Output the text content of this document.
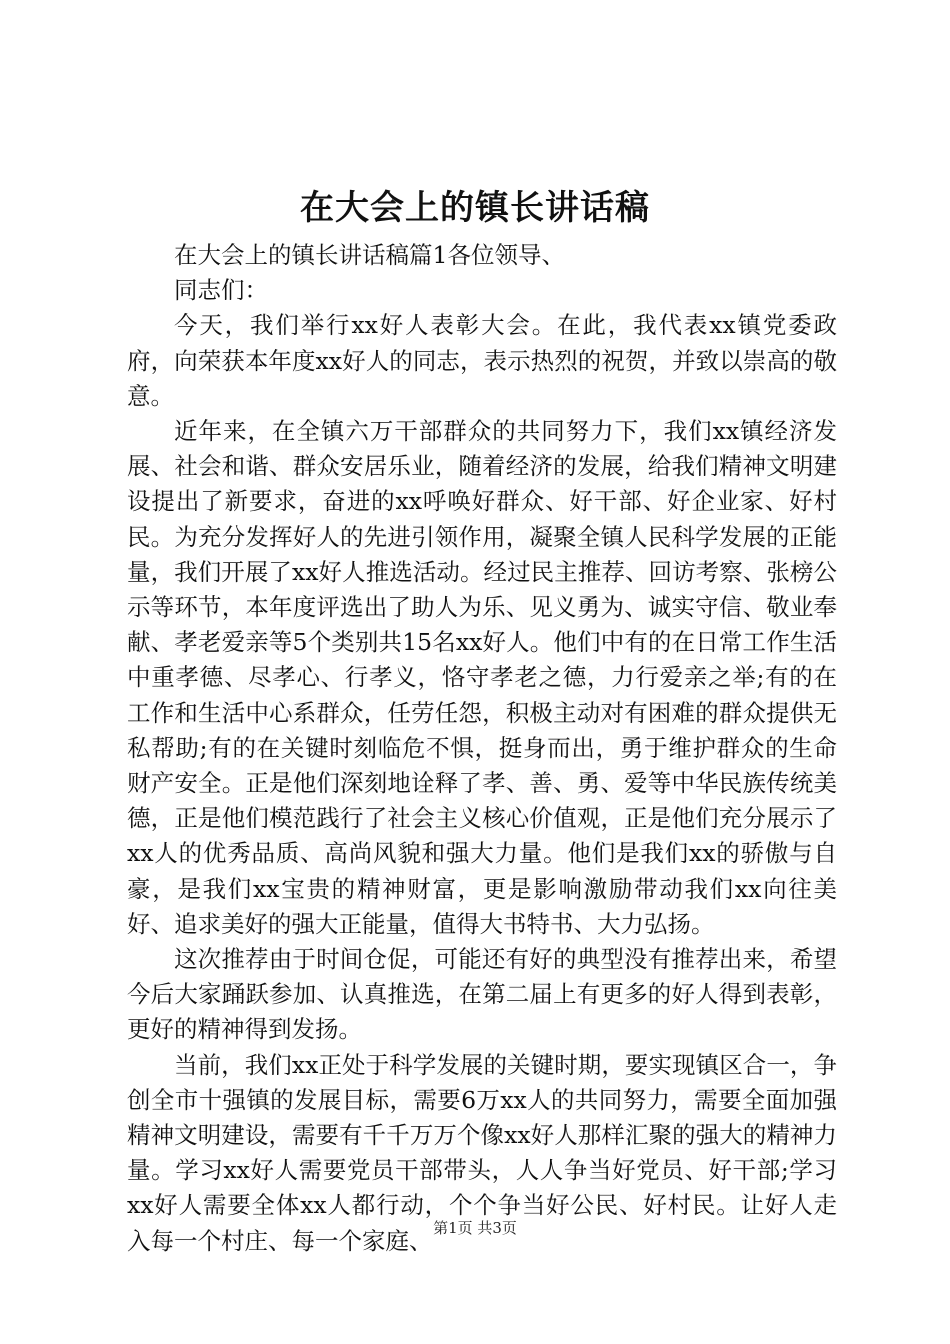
在大会上的镇长讲话稿

在大会上的镇长讲话稿篇1各位领导、

同志们：

今天，我们举行xx好人表彰大会。在此，我代表xx镇党委政府，向荣获本年度xx好人的同志，表示热烈的祝贺，并致以崇高的敬意。

近年来，在全镇六万干部群众的共同努力下，我们xx镇经济发展、社会和谐、群众安居乐业，随着经济的发展，给我们精神文明建设提出了新要求，奋进的xx呼唤好群众、好干部、好企业家、好村民。为充分发挥好人的先进引领作用，凝聚全镇人民科学发展的正能量，我们开展了xx好人推选活动。经过民主推荐、回访考察、张榜公示等环节，本年度评选出了助人为乐、见义勇为、诚实守信、敬业奉献、孝老爱亲等5个类别共15名xx好人。他们中有的在日常工作生活中重孝德、尽孝心、行孝义，恪守孝老之德，力行爱亲之举;有的在工作和生活中心系群众，任劳任怨，积极主动对有困难的群众提供无私帮助;有的在关键时刻临危不惧，挺身而出，勇于维护群众的生命财产安全。正是他们深刻地诠释了孝、善、勇、爱等中华民族传统美德，正是他们模范践行了社会主义核心价值观，正是他们充分展示了xx人的优秀品质、高尚风貌和强大力量。他们是我们xx的骄傲与自豪，是我们xx宝贵的精神财富，更是影响激励带动我们xx向往美好、追求美好的强大正能量，值得大书特书、大力弘扬。

这次推荐由于时间仓促，可能还有好的典型没有推荐出来，希望今后大家踊跃参加、认真推选，在第二届上有更多的好人得到表彰，更好的精神得到发扬。

当前，我们xx正处于科学发展的关键时期，要实现镇区合一，争创全市十强镇的发展目标，需要6万xx人的共同努力，需要全面加强精神文明建设，需要有千千万万个像xx好人那样汇聚的强大的精神力量。学习xx好人需要党员干部带头，人人争当好党员、好干部;学习xx好人需要全体xx人都行动，个个争当好公民、好村民。让好人走入每一个村庄、每一个家庭、 第1页 共3页
